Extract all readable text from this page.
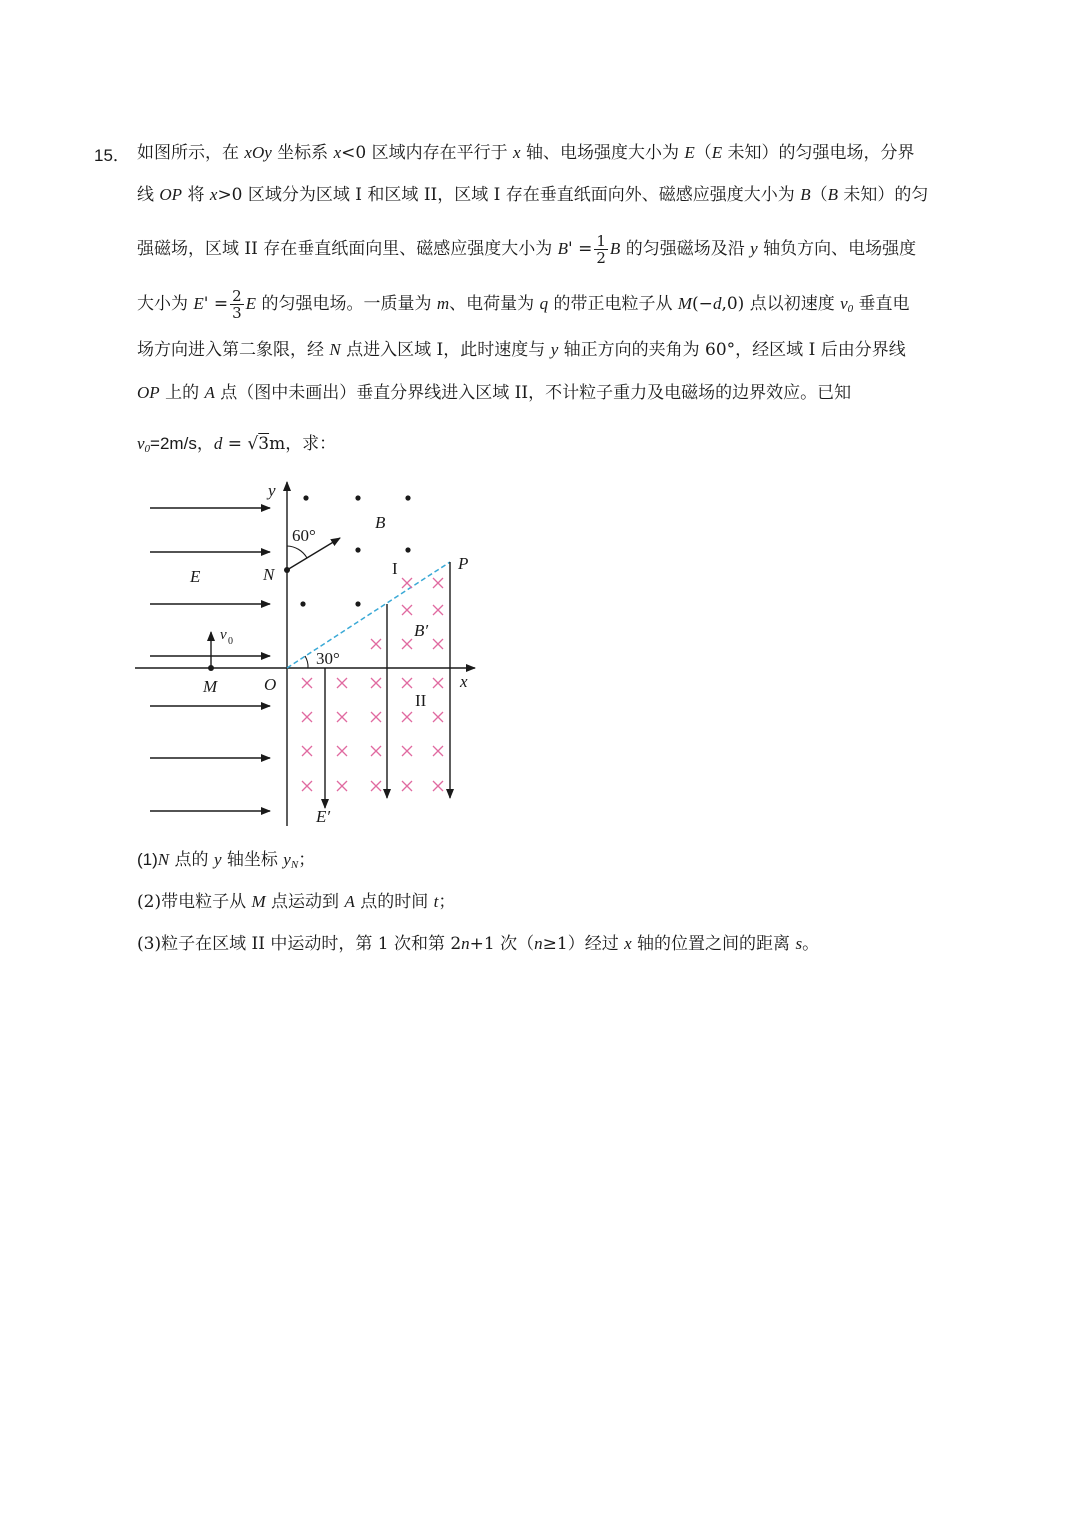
15． 如图所示，在 xOy 坐标系 x<0 区域内存在平行于 x 轴、电场强度大小为 E（E 未知）的匀强电场，分界
线 OP 将 x>0 区域分为区域 I 和区域 II，区域 I 存在垂直纸面向外、磁感应强度大小为 B（B 未知）的匀
强磁场，区域 II 存在垂直纸面向里、磁感应强度大小为 $B' = \frac{1}{2}$ B 的匀强磁场及沿 y 轴负方向、电场强度
大小为 $E' = \frac{2}{3}$ E 的匀强电场。一质量为 m、电荷量为 q 的带正电粒子从 M(−d,0) 点以初速度 $v_0$ 垂直电
场方向进入第二象限，经 N 点进入区域 I，此时速度与 y 轴正方向的夹角为 60°，经区域 I 后由分界线
OP 上的 A 点（图中未画出）垂直分界线进入区域 II，不计粒子重力及电磁场的边界效应。已知
$v_0=2m/s$，d = √3m，求：
y
x
O
N
P
M
E
B
B′
E′
I
II
60°
30°
v 0
(1)N 点的 y 轴坐标 $y_N$；
(2)带电粒子从 M 点运动到 A 点的时间 t；
(3)粒子在区域 II 中运动时，第 1 次和第 2n+1 次（n≥1）经过 x 轴的位置之间的距离 s。
